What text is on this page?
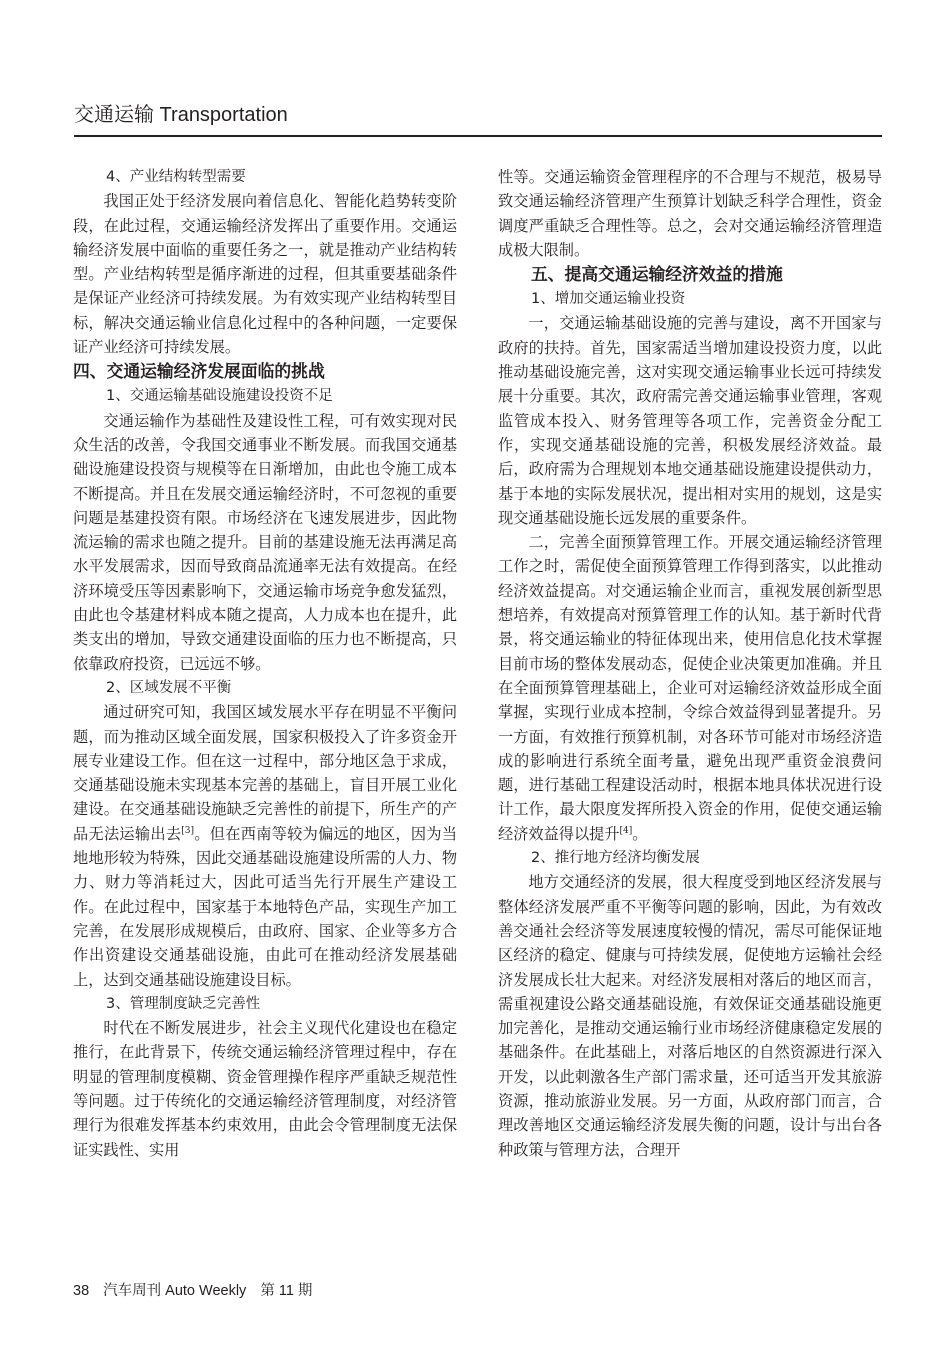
交通运输 Transportation
4、产业结构转型需要

我国正处于经济发展向着信息化、智能化趋势转变阶段，在此过程，交通运输经济发挥出了重要作用。交通运输经济发展中面临的重要任务之一，就是推动产业结构转型。产业结构转型是循序渐进的过程，但其重要基础条件是保证产业经济可持续发展。为有效实现产业结构转型目标，解决交通运输业信息化过程中的各种问题，一定要保证产业经济可持续发展。

四、交通运输经济发展面临的挑战
1、交通运输基础设施建设投资不足

交通运输作为基础性及建设性工程，可有效实现对民众生活的改善，令我国交通事业不断发展。而我国交通基础设施建设投资与规模等在日渐增加，由此也令施工成本不断提高。并且在发展交通运输经济时，不可忽视的重要问题是基建投资有限。市场经济在飞速发展进步，因此物流运输的需求也随之提升。目前的基建设施无法再满足高水平发展需求，因而导致商品流通率无法有效提高。在经济环境受压等因素影响下，交通运输市场竞争愈发猛烈，由此也令基建材料成本随之提高，人力成本也在提升，此类支出的增加，导致交通建设面临的压力也不断提高，只依靠政府投资，已远远不够。

2、区域发展不平衡

通过研究可知，我国区域发展水平存在明显不平衡问题，而为推动区域全面发展，国家积极投入了许多资金开展专业建设工作。但在这一过程中，部分地区急于求成，交通基础设施未实现基本完善的基础上，盲目开展工业化建设。在交通基础设施缺乏完善性的前提下，所生产的产品无法运输出去[3]。但在西南等较为偏远的地区，因为当地地形较为特殊，因此交通基础设施建设所需的人力、物力、财力等消耗过大，因此可适当先行开展生产建设工作。在此过程中，国家基于本地特色产品，实现生产加工完善，在发展形成规模后，由政府、国家、企业等多方合作出资建设交通基础设施，由此可在推动经济发展基础上，达到交通基础设施建设目标。

3、管理制度缺乏完善性

时代在不断发展进步，社会主义现代化建设也在稳定推行，在此背景下，传统交通运输经济管理过程中，存在明显的管理制度模糊、资金管理操作程序严重缺乏规范性等问题。过于传统化的交通运输经济管理制度，对经济管理行为很难发挥基本约束效用，由此会令管理制度无法保证实践性、实用

性等。交通运输资金管理程序的不合理与不规范，极易导致交通运输经济管理产生预算计划缺乏科学合理性，资金调度严重缺乏合理性等。总之，会对交通运输经济管理造成极大限制。

五、提高交通运输经济效益的措施
1、增加交通运输业投资

一，交通运输基础设施的完善与建设，离不开国家与政府的扶持。首先，国家需适当增加建设投资力度，以此推动基础设施完善，这对实现交通运输事业长远可持续发展十分重要。其次，政府需完善交通运输事业管理，客观监管成本投入、财务管理等各项工作，完善资金分配工作，实现交通基础设施的完善，积极发展经济效益。最后，政府需为合理规划本地交通基础设施建设提供动力，基于本地的实际发展状况，提出相对实用的规划，这是实现交通基础设施长远发展的重要条件。

二，完善全面预算管理工作。开展交通运输经济管理工作之时，需促使全面预算管理工作得到落实，以此推动经济效益提高。对交通运输企业而言，重视发展创新型思想培养，有效提高对预算管理工作的认知。基于新时代背景，将交通运输业的特征体现出来，使用信息化技术掌握目前市场的整体发展动态，促使企业决策更加准确。并且在全面预算管理基础上，企业可对运输经济效益形成全面掌握，实现行业成本控制，令综合效益得到显著提升。另一方面，有效推行预算机制，对各环节可能对市场经济造成的影响进行系统全面考量，避免出现严重资金浪费问题，进行基础工程建设活动时，根据本地具体状况进行设计工作，最大限度发挥所投入资金的作用，促使交通运输经济效益得以提升[4]。

2、推行地方经济均衡发展

地方交通经济的发展，很大程度受到地区经济发展与整体经济发展严重不平衡等问题的影响，因此，为有效改善交通社会经济等发展速度较慢的情况，需尽可能保证地区经济的稳定、健康与可持续发展，促使地方运输社会经济发展成长壮大起来。对经济发展相对落后的地区而言，需重视建设公路交通基础设施，有效保证交通基础设施更加完善化，是推动交通运输行业市场经济健康稳定发展的基础条件。在此基础上，对落后地区的自然资源进行深入开发，以此刺激各生产部门需求量，还可适当开发其旅游资源，推动旅游业发展。另一方面，从政府部门而言，合理改善地区交通运输经济发展失衡的问题，设计与出台各种政策与管理方法，合理开

38 汽车周刊 Auto Weekly 第 11 期
